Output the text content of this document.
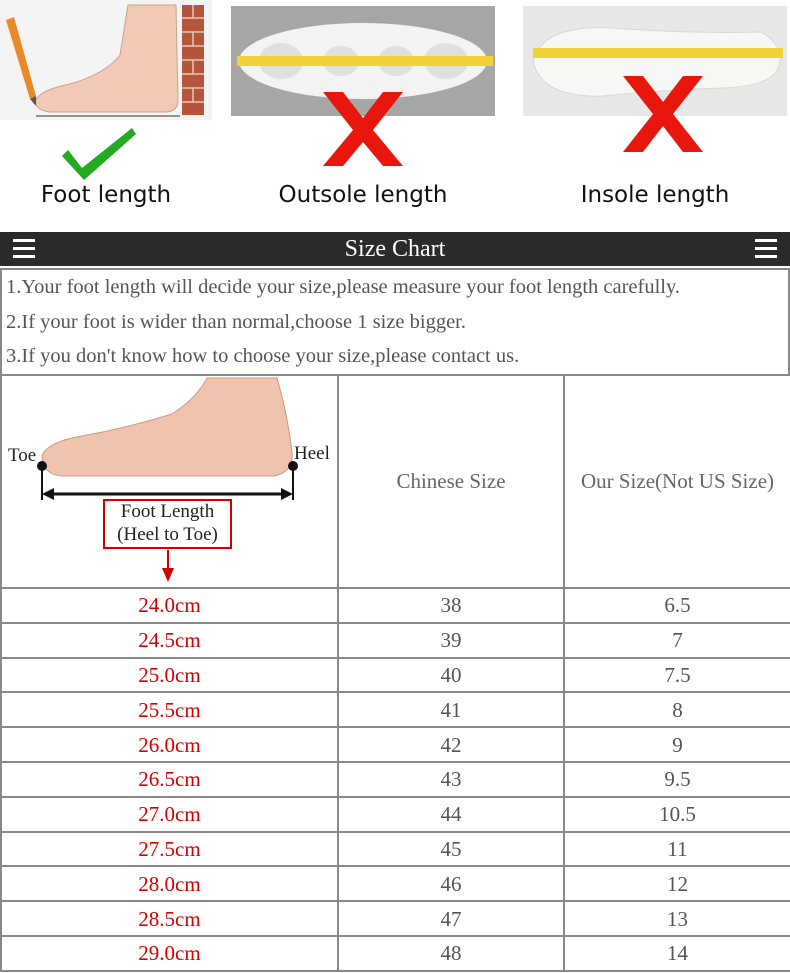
Foot length	Outsole length	Insole length
Size Chart
1.Your foot length will decide your size,please measure your foot length carefully.
2.If your foot is wider than normal,choose 1 size bigger.
3.If you don't know how to choose your size,please contact us.
Toe Heel
Foot Length
(Heel to Toe)	Chinese Size	Our Size(Not US Size)
24.0cm	38	6.5
24.5cm	39	7
25.0cm	40	7.5
25.5cm	41	8
26.0cm	42	9
26.5cm	43	9.5
27.0cm	44	10.5
27.5cm	45	11
28.0cm	46	12
28.5cm	47	13
29.0cm	48	14
